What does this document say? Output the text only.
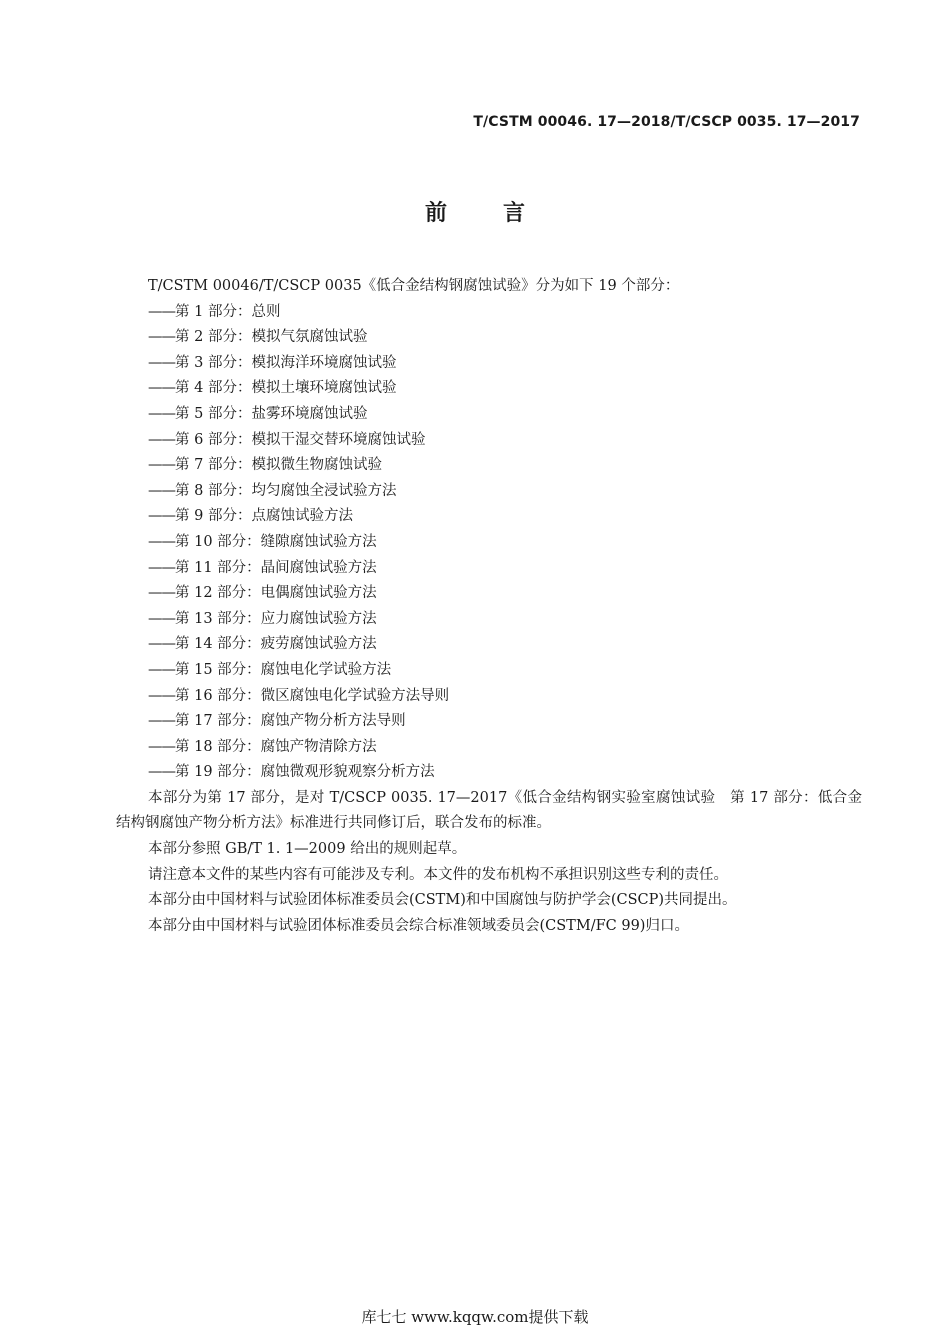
T/CSTM 00046. 17—2018/T/CSCP 0035. 17—2017
前言

T/CSTM 00046/T/CSCP 0035《低合金结构钢腐蚀试验》分为如下 19 个部分：

——第 1 部分：总则
——第 2 部分：模拟气氛腐蚀试验
——第 3 部分：模拟海洋环境腐蚀试验
——第 4 部分：模拟土壤环境腐蚀试验
——第 5 部分：盐雾环境腐蚀试验
——第 6 部分：模拟干湿交替环境腐蚀试验
——第 7 部分：模拟微生物腐蚀试验
——第 8 部分：均匀腐蚀全浸试验方法
——第 9 部分：点腐蚀试验方法
——第 10 部分：缝隙腐蚀试验方法
——第 11 部分：晶间腐蚀试验方法
——第 12 部分：电偶腐蚀试验方法
——第 13 部分：应力腐蚀试验方法
——第 14 部分：疲劳腐蚀试验方法
——第 15 部分：腐蚀电化学试验方法
——第 16 部分：微区腐蚀电化学试验方法导则
——第 17 部分：腐蚀产物分析方法导则
——第 18 部分：腐蚀产物清除方法
——第 19 部分：腐蚀微观形貌观察分析方法

本部分为第 17 部分，是对 T/CSCP 0035. 17—2017《低合金结构钢实验室腐蚀试验　第 17 部分：低合金结构钢腐蚀产物分析方法》标准进行共同修订后，联合发布的标准。

本部分参照 GB/T 1. 1—2009 给出的规则起草。

请注意本文件的某些内容有可能涉及专利。本文件的发布机构不承担识别这些专利的责任。

本部分由中国材料与试验团体标准委员会(CSTM)和中国腐蚀与防护学会(CSCP)共同提出。

本部分由中国材料与试验团体标准委员会综合标准领域委员会(CSTM/FC 99)归口。

库七七 www.kqqw.com提供下载
